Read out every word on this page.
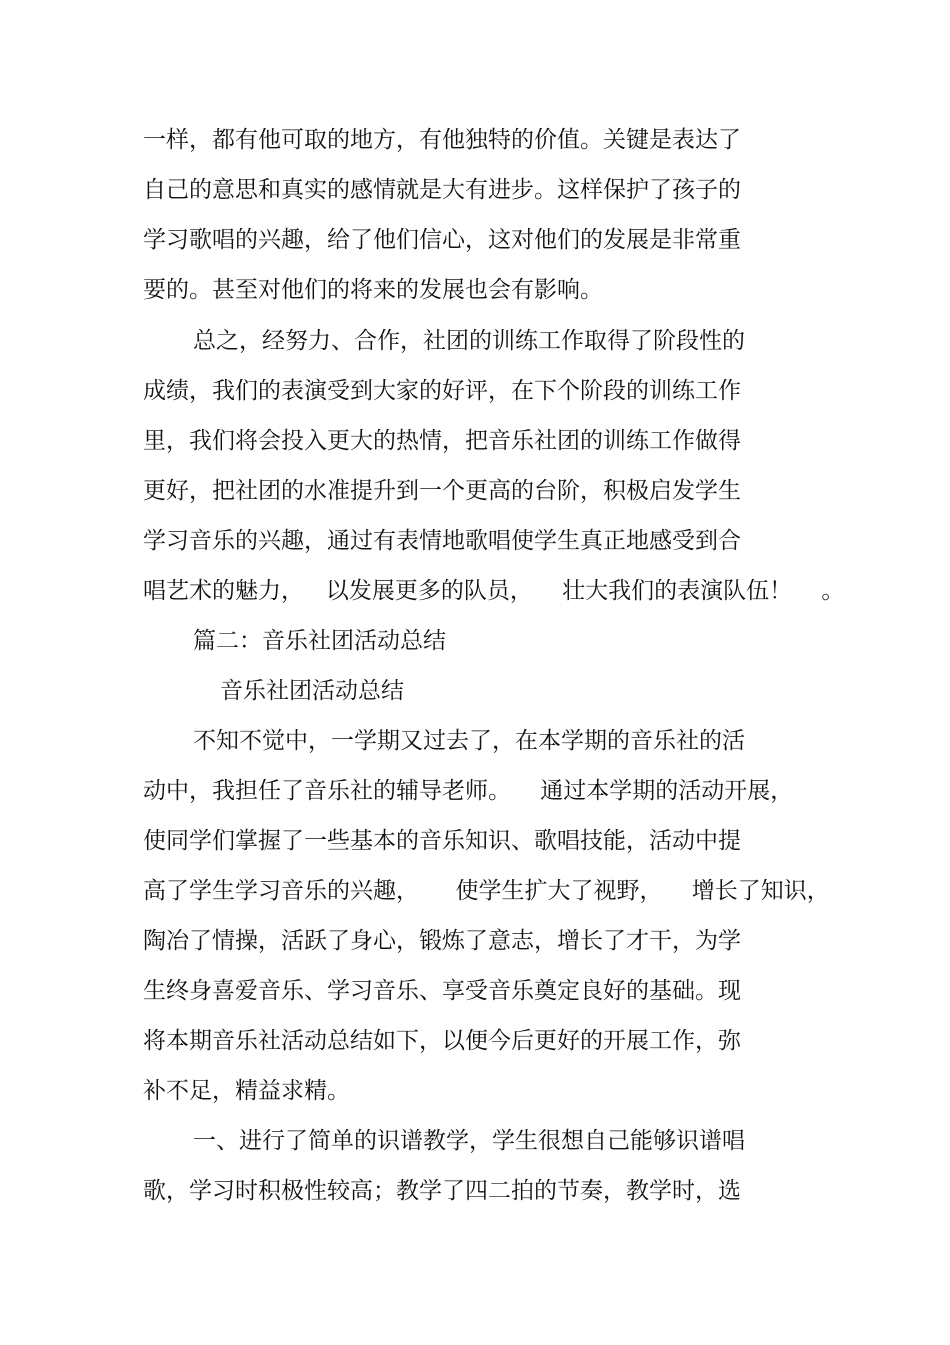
一样，都有他可取的地方，有他独特的价值。关键是表达了
自己的意思和真实的感情就是大有进步。这样保护了孩子的
学习歌唱的兴趣，给了他们信心，这对他们的发展是非常重
要的。甚至对他们的将来的发展也会有影响。
总之，经努力、合作，社团的训练工作取得了阶段性的
成绩，我们的表演受到大家的好评，在下个阶段的训练工作
里，我们将会投入更大的热情，把音乐社团的训练工作做得
更好，把社团的水准提升到一个更高的台阶，积极启发学生
学习音乐的兴趣，通过有表情地歌唱使学生真正地感受到合
唱艺术的魅力，   以发展更多的队员，    壮大我们的表演队伍！    。
篇二：音乐社团活动总结
音乐社团活动总结
不知不觉中，一学期又过去了，在本学期的音乐社的活
动中，我担任了音乐社的辅导老师。    通过本学期的活动开展，
使同学们掌握了一些基本的音乐知识、歌唱技能，活动中提
高了学生学习音乐的兴趣，     使学生扩大了视野，    增长了知识，
陶冶了情操，活跃了身心，锻炼了意志，增长了才干，为学
生终身喜爱音乐、学习音乐、享受音乐奠定良好的基础。现
将本期音乐社活动总结如下，以便今后更好的开展工作，弥
补不足，精益求精。
一、进行了简单的识谱教学，学生很想自己能够识谱唱
歌，学习时积极性较高；教学了四二拍的节奏，教学时，选
